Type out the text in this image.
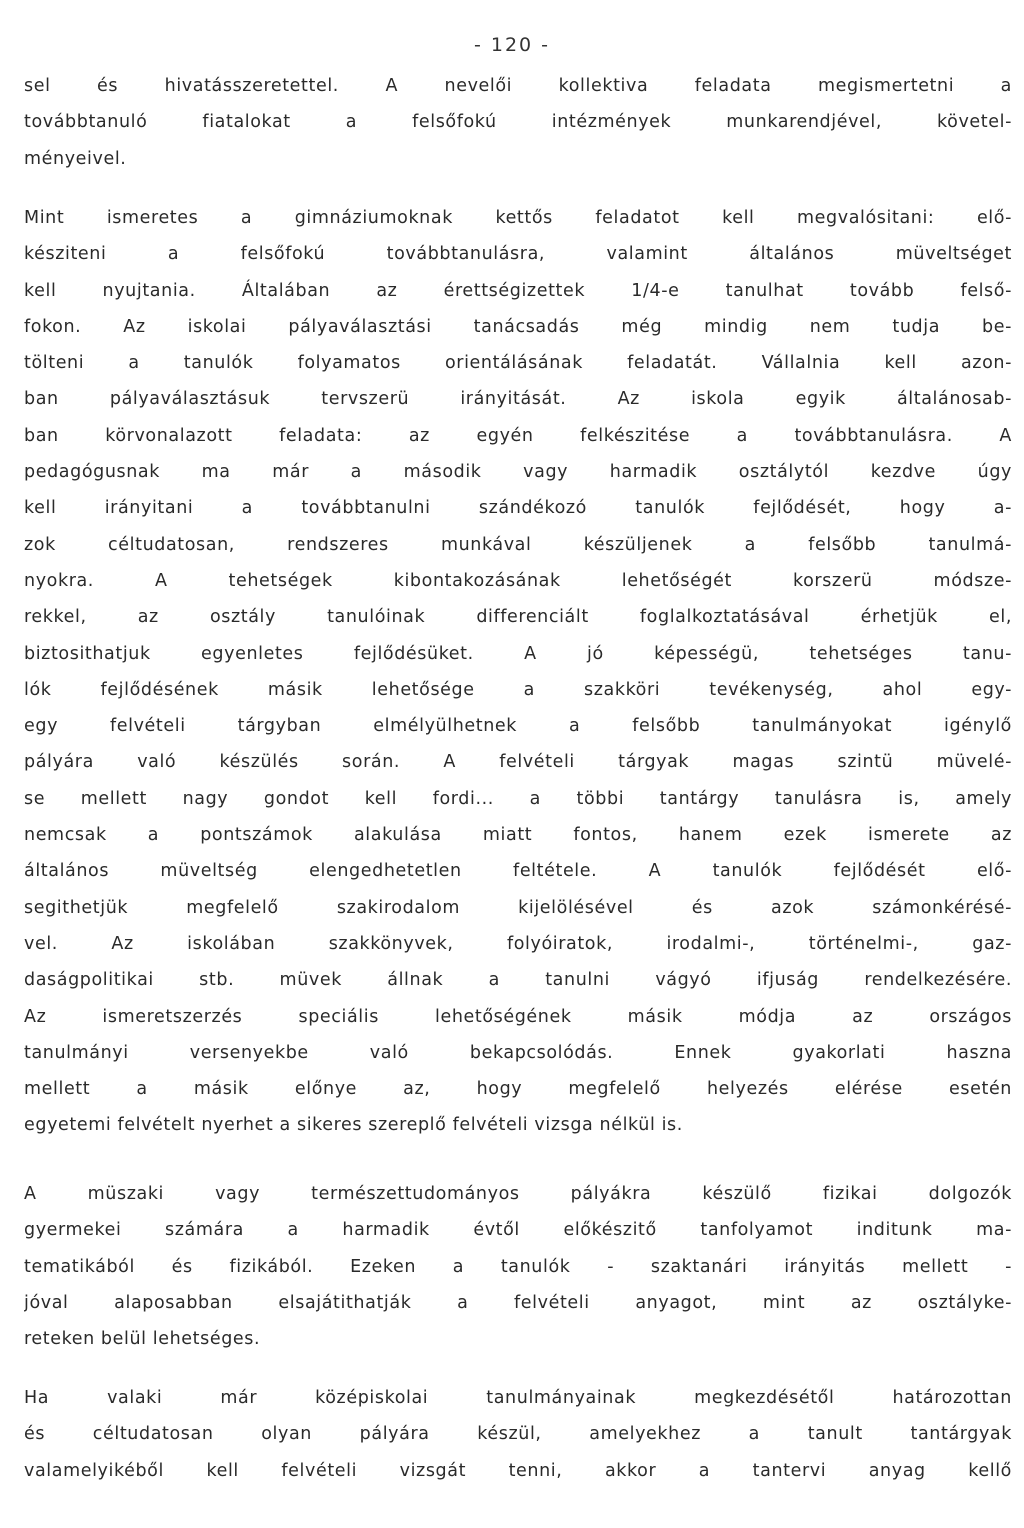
- 120 -
sel és hivatásszeretettel. A nevelői kollektiva feladata megismertetni a
továbbtanuló fiatalokat a felsőfokú intézmények munkarendjével, követel-
ményeivel.
Mint ismeretes a gimnáziumoknak kettős feladatot kell megvalósitani: elő-
késziteni a felsőfokú továbbtanulásra, valamint általános müveltséget
kell nyujtania. Általában az érettségizettek 1/4-e tanulhat tovább felső-
fokon. Az iskolai pályaválasztási tanácsadás még mindig nem tudja be-
tölteni a tanulók folyamatos orientálásának feladatát. Vállalnia kell azon-
ban pályaválasztásuk tervszerü irányitását. Az iskola egyik általánosab-
ban körvonalazott feladata: az egyén felkészitése a továbbtanulásra. A
pedagógusnak ma már a második vagy harmadik osztálytól kezdve úgy
kell irányitani a továbbtanulni szándékozó tanulók fejlődését, hogy a-
zok céltudatosan, rendszeres munkával készüljenek a felsőbb tanulmá-
nyokra. A tehetségek kibontakozásának lehetőségét korszerü módsze-
rekkel, az osztály tanulóinak differenciált foglalkoztatásával érhetjük el,
biztosithatjuk egyenletes fejlődésüket. A jó képességü, tehetséges tanu-
lók fejlődésének másik lehetősége a szakköri tevékenység, ahol egy-
egy felvételi tárgyban elmélyülhetnek a felsőbb tanulmányokat igénylő
pályára való készülés során. A felvételi tárgyak magas szintü müvelé-
se mellett nagy gondot kell fordi... a többi tantárgy tanulásra is, amely
nemcsak a pontszámok alakulása miatt fontos, hanem ezek ismerete az
általános müveltség elengedhetetlen feltétele. A tanulók fejlődését elő-
segithetjük megfelelő szakirodalom kijelölésével és azok számonkérésé-
vel. Az iskolában szakkönyvek, folyóiratok, irodalmi-, történelmi-, gaz-
daságpolitikai stb. müvek állnak a tanulni vágyó ifjuság rendelkezésére.
Az ismeretszerzés speciális lehetőségének másik módja az országos
tanulmányi versenyekbe való bekapcsolódás. Ennek gyakorlati haszna
mellett a másik előnye az, hogy megfelelő helyezés elérése esetén
egyetemi felvételt nyerhet a sikeres szereplő felvételi vizsga nélkül is.
A müszaki vagy természettudományos pályákra készülő fizikai dolgozók
gyermekei számára a harmadik évtől előkészitő tanfolyamot inditunk ma-
tematikából és fizikából. Ezeken a tanulók - szaktanári irányitás mellett -
jóval alaposabban elsajátithatják a felvételi anyagot, mint az osztályke-
reteken belül lehetséges.
Ha valaki már középiskolai tanulmányainak megkezdésétől határozottan
és céltudatosan olyan pályára készül, amelyekhez a tanult tantárgyak
valamelyikéből kell felvételi vizsgát tenni, akkor a tantervi anyag kellő
